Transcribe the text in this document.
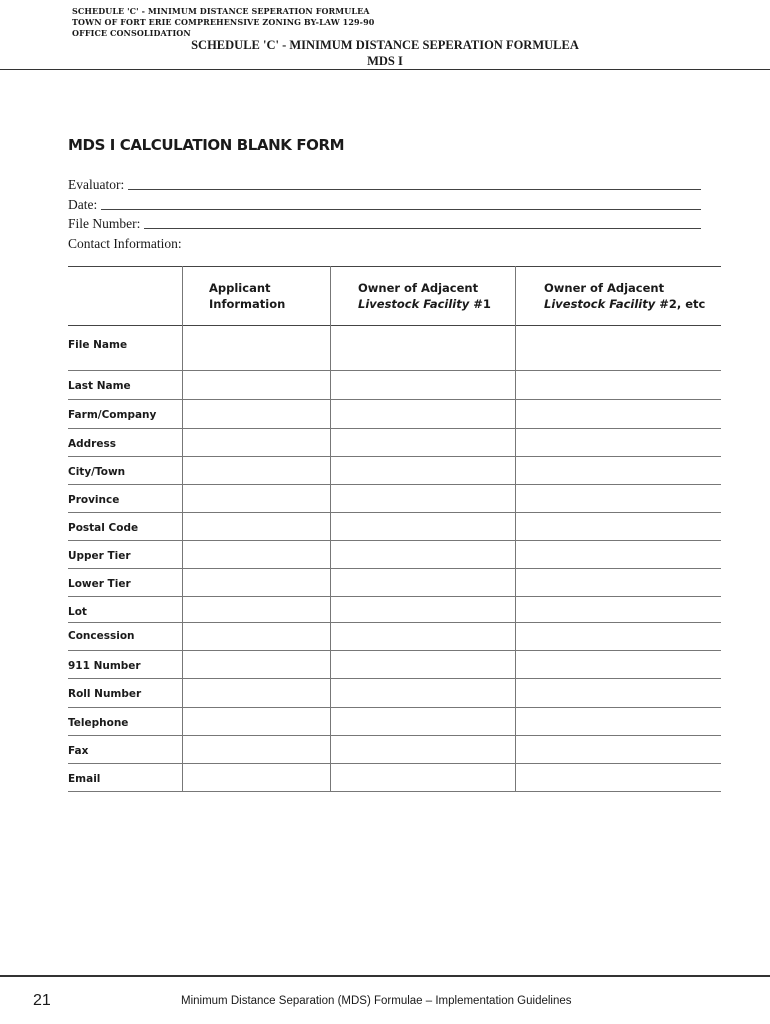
SCHEDULE 'C' - MINIMUM DISTANCE SEPERATION FORMULEA
TOWN OF FORT ERIE COMPREHENSIVE ZONING BY-LAW 129-90
OFFICE CONSOLIDATION
SCHEDULE 'C' - MINIMUM DISTANCE SEPERATION FORMULEA
MDS I
MDS I CALCULATION BLANK FORM
Evaluator:
Date:
File Number:
Contact Information:
Applicant
Information
Owner of Adjacent
Livestock Facility #1
Owner of Adjacent
Livestock Facility #2, etc
File Name
Last Name
Farm/Company
Address
City/Town
Province
Postal Code
Upper Tier
Lower Tier
Lot
Concession
911 Number
Roll Number
Telephone
Fax
Email
21	Minimum Distance Separation (MDS) Formulae – Implementation Guidelines
